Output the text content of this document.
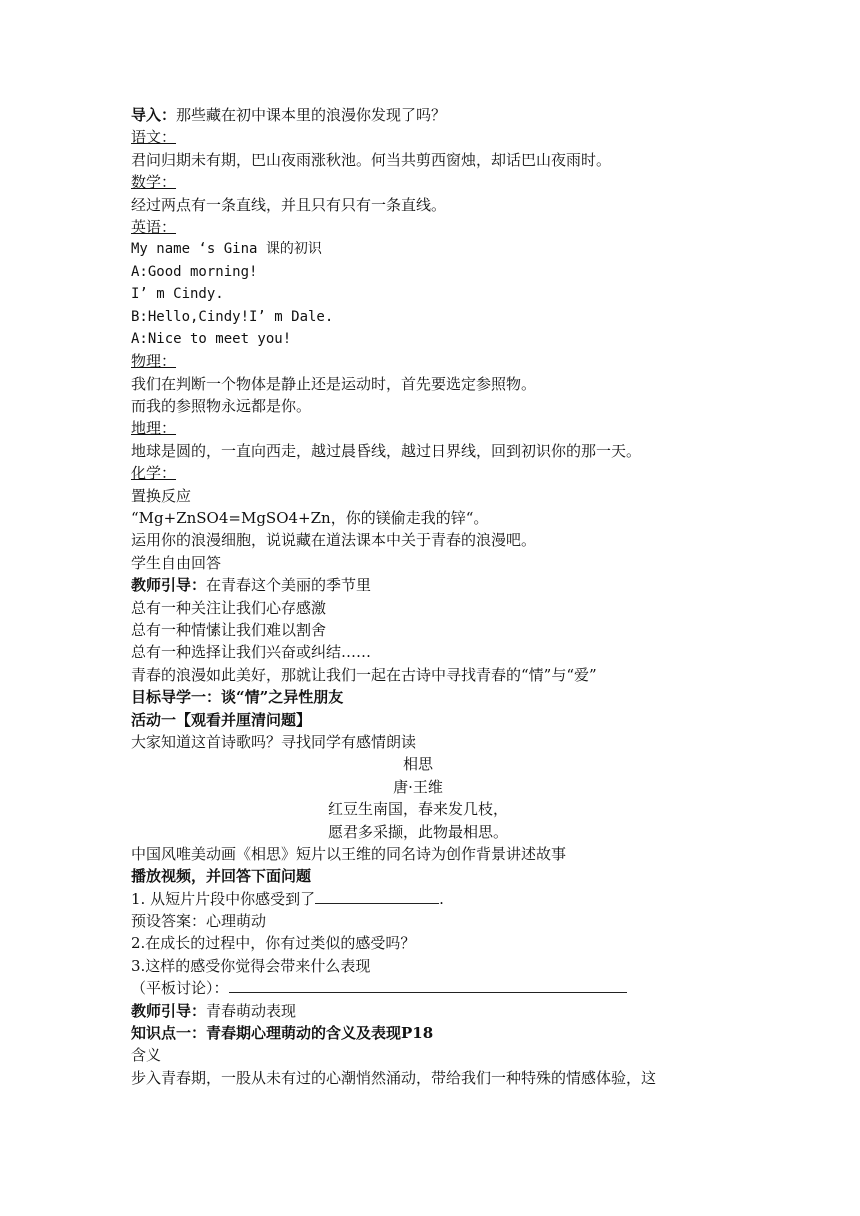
导入：那些藏在初中课本里的浪漫你发现了吗？
语文：
君问归期未有期，巴山夜雨涨秋池。何当共剪西窗烛，却话巴山夜雨时。
数学：
经过两点有一条直线，并且只有只有一条直线。
英语：
My name ‘s Gina 课的初识
A:Good morning!
I’ m Cindy.
B:Hello,Cindy!I’ m Dale.
A:Nice to meet you!
物理：
我们在判断一个物体是静止还是运动时，首先要选定参照物。
而我的参照物永远都是你。
地理：
地球是圆的，一直向西走，越过晨昏线，越过日界线，回到初识你的那一天。
化学：
置换反应
“Mg+ZnSO4=MgSO4+Zn，你的镁偷走我的锌“。
运用你的浪漫细胞，说说藏在道法课本中关于青春的浪漫吧。
学生自由回答
教师引导：在青春这个美丽的季节里
总有一种关注让我们心存感激
总有一种情愫让我们难以割舍
总有一种选择让我们兴奋或纠结……
青春的浪漫如此美好，那就让我们一起在古诗中寻找青春的“情”与“爱”
目标导学一：谈“情”之异性朋友
活动一【观看并厘清问题】
大家知道这首诗歌吗？寻找同学有感情朗读
相思
唐·王维
红豆生南国，春来发几枝，
愿君多采撷，此物最相思。
中国风唯美动画《相思》短片以王维的同名诗为创作背景讲述故事
播放视频，并回答下面问题
1. 从短片片段中你感受到了	.
预设答案：心理萌动
2.在成长的过程中，你有过类似的感受吗？
3.这样的感受你觉得会带来什么表现
（平板讨论）：
教师引导：青春萌动表现
知识点一：青春期心理萌动的含义及表现P18
含义
步入青春期，一股从未有过的心潮悄然涌动，带给我们一种特殊的情感体验，这
